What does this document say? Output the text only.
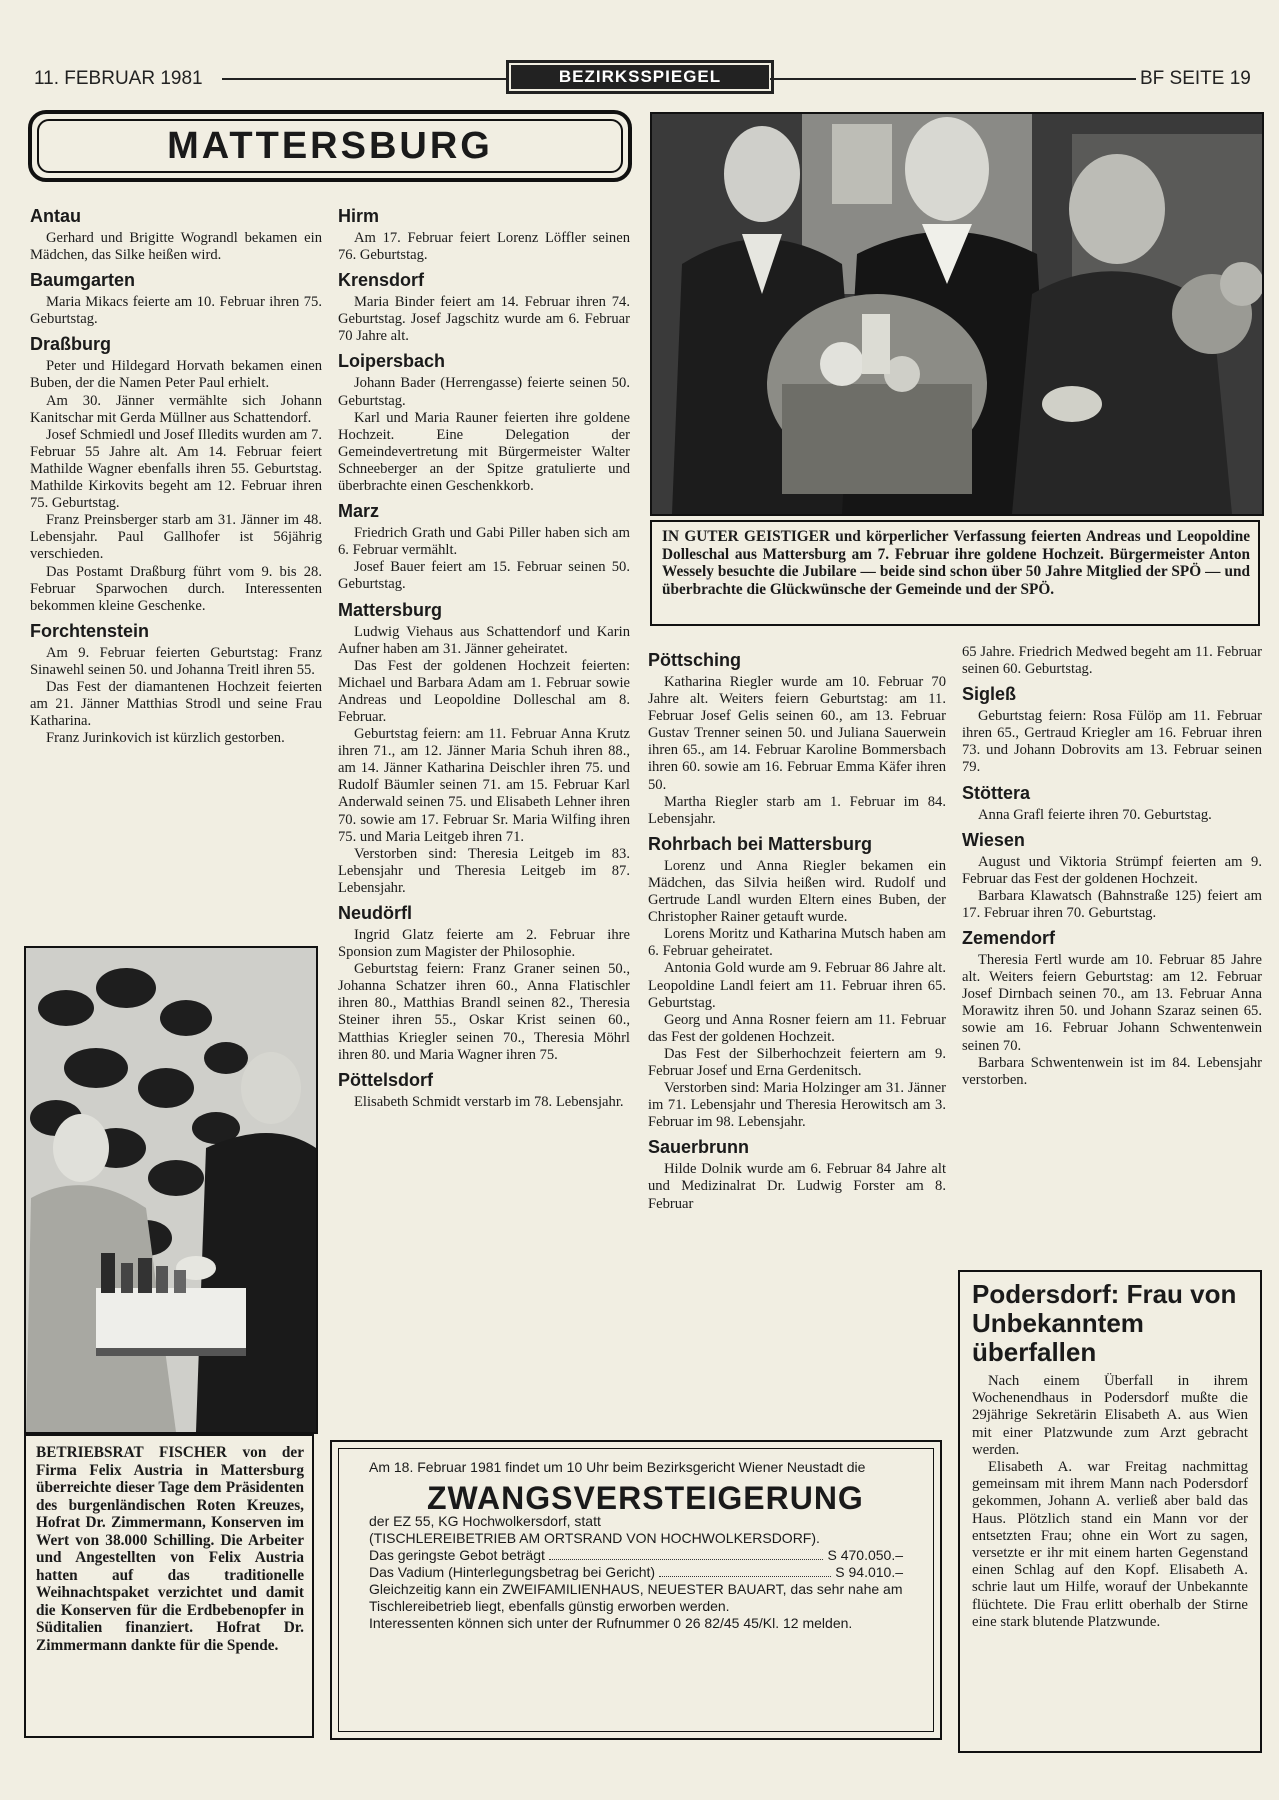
11. FEBRUAR 1981	BEZIRKSSPIEGEL	BF SEITE 19
MATTERSBURG
Antau

Gerhard und Brigitte Wograndl bekamen ein Mädchen, das Silke heißen wird.

Baumgarten

Maria Mikacs feierte am 10. Februar ihren 75. Geburtstag.

Draßburg

Peter und Hildegard Horvath bekamen einen Buben, der die Namen Peter Paul erhielt.

Am 30. Jänner vermählte sich Johann Kanitschar mit Gerda Müllner aus Schattendorf.

Josef Schmiedl und Josef Illedits wurden am 7. Februar 55 Jahre alt. Am 14. Februar feiert Mathilde Wagner ebenfalls ihren 55. Geburtstag. Mathilde Kirkovits begeht am 12. Februar ihren 75. Geburtstag.

Franz Preinsberger starb am 31. Jänner im 48. Lebensjahr. Paul Gallhofer ist 56jährig verschieden.

Das Postamt Draßburg führt vom 9. bis 28. Februar Sparwochen durch. Interessenten bekommen kleine Geschenke.

Forchtenstein

Am 9. Februar feierten Geburtstag: Franz Sinawehl seinen 50. und Johanna Treitl ihren 55.

Das Fest der diamantenen Hochzeit feierten am 21. Jänner Matthias Strodl und seine Frau Katharina.

Franz Jurinkovich ist kürzlich gestorben.

Hirm

Am 17. Februar feiert Lorenz Löffler seinen 76. Geburtstag.

Krensdorf

Maria Binder feiert am 14. Februar ihren 74. Geburtstag. Josef Jagschitz wurde am 6. Februar 70 Jahre alt.

Loipersbach

Johann Bader (Herrengasse) feierte seinen 50. Geburtstag.

Karl und Maria Rauner feierten ihre goldene Hochzeit. Eine Delegation der Gemeindevertretung mit Bürgermeister Walter Schneeberger an der Spitze gratulierte und überbrachte einen Geschenkkorb.

Marz

Friedrich Grath und Gabi Piller haben sich am 6. Februar vermählt.

Josef Bauer feiert am 15. Februar seinen 50. Geburtstag.

Mattersburg

Ludwig Viehaus aus Schattendorf und Karin Aufner haben am 31. Jänner geheiratet.

Das Fest der goldenen Hochzeit feierten: Michael und Barbara Adam am 1. Februar sowie Andreas und Leopoldine Dolleschal am 8. Februar.

Geburtstag feiern: am 11. Februar Anna Krutz ihren 71., am 12. Jänner Maria Schuh ihren 88., am 14. Jänner Katharina Deischler ihren 75. und Rudolf Bäumler seinen 71. am 15. Februar Karl Anderwald seinen 75. und Elisabeth Lehner ihren 70. sowie am 17. Februar Sr. Maria Wilfing ihren 75. und Maria Leitgeb ihren 71.

Verstorben sind: Theresia Leitgeb im 83. Lebensjahr und Theresia Leitgeb im 87. Lebensjahr.

Neudörfl

Ingrid Glatz feierte am 2. Februar ihre Sponsion zum Magister der Philosophie.

Geburtstag feiern: Franz Graner seinen 50., Johanna Schatzer ihren 60., Anna Flatischler ihren 80., Matthias Brandl seinen 82., Theresia Steiner ihren 55., Oskar Krist seinen 60., Matthias Kriegler seinen 70., Theresia Möhrl ihren 80. und Maria Wagner ihren 75.

Pöttelsdorf

Elisabeth Schmidt verstarb im 78. Lebensjahr.

IN GUTER GEISTIGER und körperlicher Verfassung feierten Andreas und Leopoldine Dolleschal aus Mattersburg am 7. Februar ihre goldene Hochzeit. Bürgermeister Anton Wessely besuchte die Jubilare — beide sind schon über 50 Jahre Mitglied der SPÖ — und überbrachte die Glückwünsche der Gemeinde und der SPÖ.
Pöttsching

Katharina Riegler wurde am 10. Februar 70 Jahre alt. Weiters feiern Geburtstag: am 11. Februar Josef Gelis seinen 60., am 13. Februar Gustav Trenner seinen 50. und Juliana Sauerwein ihren 65., am 14. Februar Karoline Bommersbach ihren 60. sowie am 16. Februar Emma Käfer ihren 50.

Martha Riegler starb am 1. Februar im 84. Lebensjahr.

Rohrbach bei Mattersburg

Lorenz und Anna Riegler bekamen ein Mädchen, das Silvia heißen wird. Rudolf und Gertrude Landl wurden Eltern eines Buben, der Christopher Rainer getauft wurde.

Lorens Moritz und Katharina Mutsch haben am 6. Februar geheiratet.

Antonia Gold wurde am 9. Februar 86 Jahre alt. Leopoldine Landl feiert am 11. Februar ihren 65. Geburtstag.

Georg und Anna Rosner feiern am 11. Februar das Fest der goldenen Hochzeit.

Das Fest der Silberhochzeit feiertern am 9. Februar Josef und Erna Gerdenitsch.

Verstorben sind: Maria Holzinger am 31. Jänner im 71. Lebensjahr und Theresia Herowitsch am 3. Februar im 98. Lebensjahr.

Sauerbrunn

Hilde Dolnik wurde am 6. Februar 84 Jahre alt und Medizinalrat Dr. Ludwig Forster am 8. Februar

65 Jahre. Friedrich Medwed begeht am 11. Februar seinen 60. Geburtstag.

Sigleß

Geburtstag feiern: Rosa Fülöp am 11. Februar ihren 65., Gertraud Kriegler am 16. Februar ihren 73. und Johann Dobrovits am 13. Februar seinen 79.

Stöttera

Anna Grafl feierte ihren 70. Geburtstag.

Wiesen

August und Viktoria Strümpf feierten am 9. Februar das Fest der goldenen Hochzeit.

Barbara Klawatsch (Bahnstraße 125) feiert am 17. Februar ihren 70. Geburtstag.

Zemendorf

Theresia Fertl wurde am 10. Februar 85 Jahre alt. Weiters feiern Geburtstag: am 12. Februar Josef Dirnbach seinen 70., am 13. Februar Anna Morawitz ihren 50. und Johann Szaraz seinen 65. sowie am 16. Februar Johann Schwentenwein seinen 70.

Barbara Schwentenwein ist im 84. Lebensjahr verstorben.

BETRIEBSRAT FISCHER von der Firma Felix Austria in Mattersburg überreichte dieser Tage dem Präsidenten des burgenländischen Roten Kreuzes, Hofrat Dr. Zimmermann, Konserven im Wert von 38.000 Schilling. Die Arbeiter und Angestellten von Felix Austria hatten auf das traditionelle Weihnachtspaket verzichtet und damit die Konserven für die Erdbebenopfer in Süditalien finanziert. Hofrat Dr. Zimmermann dankte für die Spende.

Am 18. Februar 1981 findet um 10 Uhr beim Bezirksgericht Wiener Neustadt die

ZWANGSVERSTEIGERUNG

der EZ 55, KG Hochwolkersdorf, statt

(TISCHLEREIBETRIEB AM ORTSRAND VON HOCHWOLKERSDORF).

Das geringste Gebot beträgt	S 470.050.–
Das Vadium (Hinterlegungsbetrag bei Gericht)	S 94.010.–

Gleichzeitig kann ein ZWEIFAMILIENHAUS, NEUESTER BAUART, das sehr nahe am Tischlereibetrieb liegt, ebenfalls günstig erworben werden.

Interessenten können sich unter der Rufnummer 0 26 82/45 45/Kl. 12 melden.

Podersdorf: Frau von Unbekanntem überfallen

Nach einem Überfall in ihrem Wochenendhaus in Podersdorf mußte die 29jährige Sekretärin Elisabeth A. aus Wien mit einer Platzwunde zum Arzt gebracht werden.

Elisabeth A. war Freitag nachmittag gemeinsam mit ihrem Mann nach Podersdorf gekommen, Johann A. verließ aber bald das Haus. Plötzlich stand ein Mann vor der entsetzten Frau; ohne ein Wort zu sagen, versetzte er ihr mit einem harten Gegenstand einen Schlag auf den Kopf. Elisabeth A. schrie laut um Hilfe, worauf der Unbekannte flüchtete. Die Frau erlitt oberhalb der Stirne eine stark blutende Platzwunde.
